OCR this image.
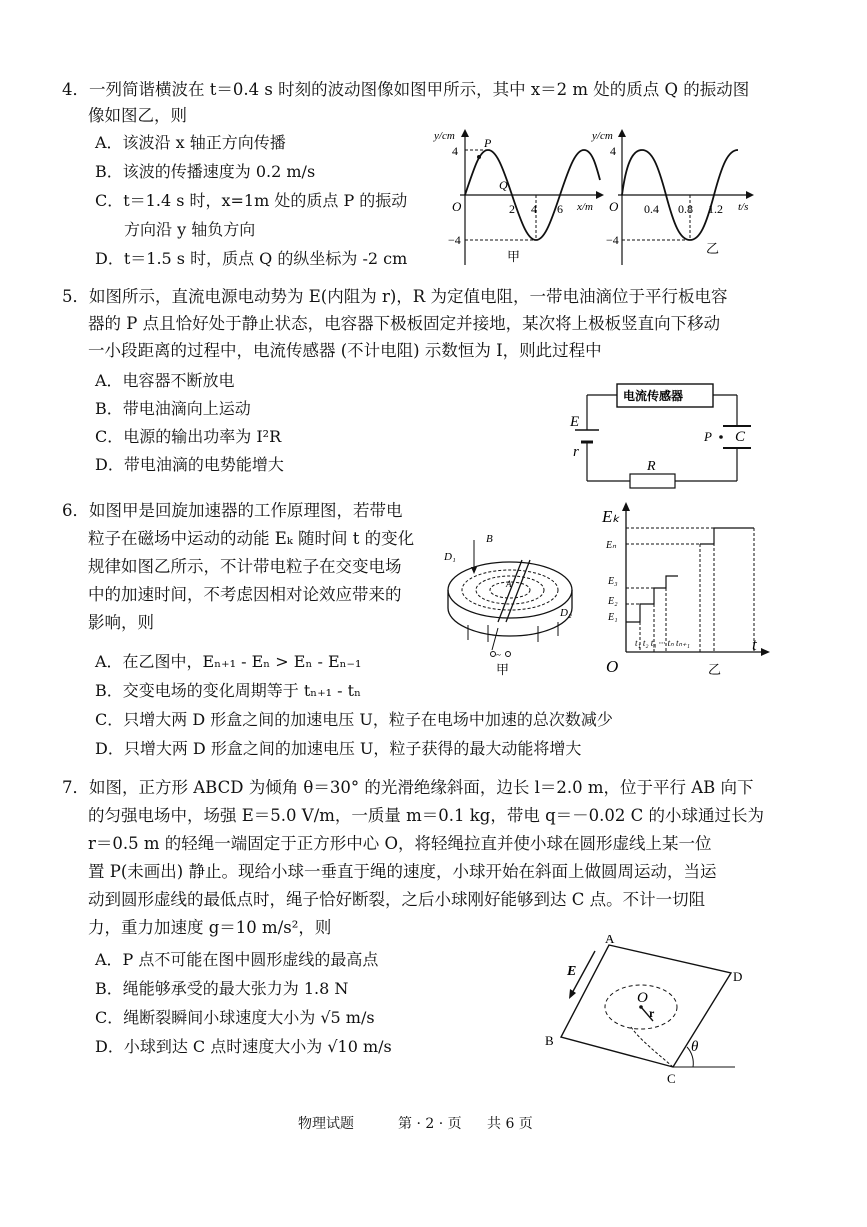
4．一列简谐横波在 t＝0.4 s 时刻的波动图像如图甲所示，其中 x＝2 m 处的质点 Q 的振动图
像如图乙，则
A．该波沿 x 轴正方向传播
B．该波的传播速度为 0.2 m/s
C．t＝1.4 s 时，x=1m 处的质点 P 的振动
方向沿 y 轴负方向
D．t＝1.5 s 时，质点 Q 的纵坐标为 -2 cm
y/cm
x/m
O
4
−4
2 4 6
P
Q
甲
y/cm
t/s
O
4
−4
0.4 0.8 1.2
乙
5．如图所示，直流电源电动势为 E(内阻为 r)，R 为定值电阻，一带电油滴位于平行板电容
器的 P 点且恰好处于静止状态，电容器下极板固定并接地，某次将上极板竖直向下移动
一小段距离的过程中，电流传感器 (不计电阻) 示数恒为 I，则此过程中
A．电容器不断放电
B．带电油滴向上运动
C．电源的输出功率为 I²R
D．带电油滴的电势能增大
电流传感器
E
r
R
P C
6．如图甲是回旋加速器的工作原理图，若带电
粒子在磁场中运动的动能 Eₖ 随时间 t 的变化
规律如图乙所示，不计带电粒子在交变电场
中的加速时间，不考虑因相对论效应带来的
影响，则
A．在乙图中，Eₙ₊₁ - Eₙ > Eₙ - Eₙ₋₁
B．交变电场的变化周期等于 tₙ₊₁ - tₙ
C．只增大两 D 形盒之间的加速电压 U，粒子在电场中加速的总次数减少
D．只增大两 D 形盒之间的加速电压 U，粒子获得的最大动能将增大
~
B
D₁
D₂
A
甲
Eₖ
t
O
Eₙ
E₃
E₂
E₁
t₁ t₂ t₃ ··· tₙ tₙ₊₁
乙
7．如图，正方形 ABCD 为倾角 θ＝30° 的光滑绝缘斜面，边长 l＝2.0 m，位于平行 AB 向下
的匀强电场中，场强 E＝5.0 V/m，一质量 m＝0.1 kg，带电 q＝－0.02 C 的小球通过长为
r＝0.5 m 的轻绳一端固定于正方形中心 O，将轻绳拉直并使小球在圆形虚线上某一位
置 P(未画出) 静止。现给小球一垂直于绳的速度，小球开始在斜面上做圆周运动，当运
动到圆形虚线的最低点时，绳子恰好断裂，之后小球刚好能够到达 C 点。不计一切阻
力，重力加速度 g＝10 m/s²，则
A．P 点不可能在图中圆形虚线的最高点
B．绳能够承受的最大张力为 1.8 N
C．绳断裂瞬间小球速度大小为 √5 m/s
D．小球到达 C 点时速度大小为 √10 m/s
A
D
B
C
E
O
r
θ
物理试题	第 · 2 · 页 共 6 页
